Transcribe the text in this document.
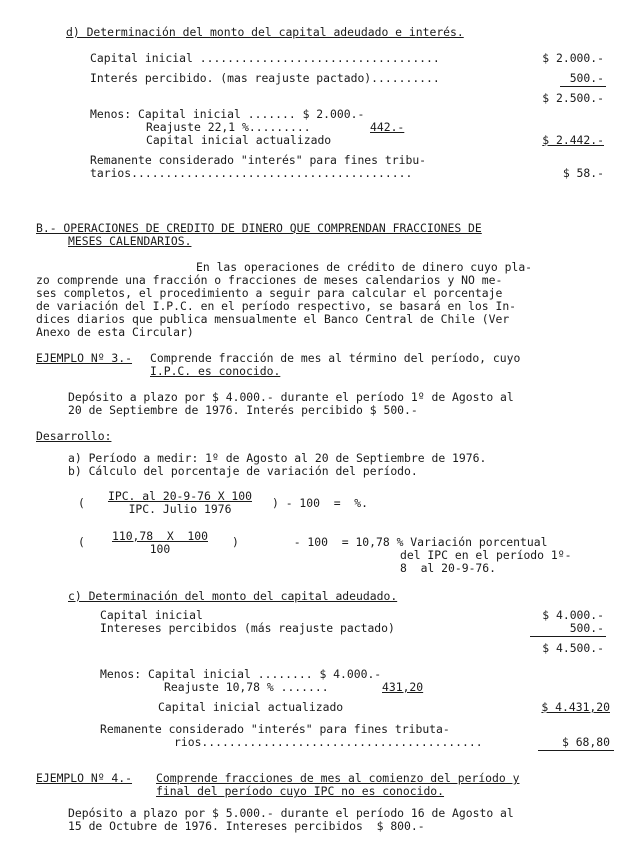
d) Determinación del monto del capital adeudado e interés.
Capital inicial ...................................	$ 2.000.-
Interés percibido. (mas reajuste pactado)..........	500.-
$ 2.500.-
Menos: Capital inicial ....... $ 2.000.-
Reajuste 22,1 %.........	442.-
Capital inicial actualizado	$ 2.442.-
Remanente considerado "interés" para fines tribu-
tarios.........................................	$ 58.-
B.- OPERACIONES DE CREDITO DE DINERO QUE COMPRENDAN FRACCIONES DE
MESES CALENDARIOS.
En las operaciones de crédito de dinero cuyo pla-
zo comprende una fracción o fracciones de meses calendarios y NO me-
ses completos, el procedimiento a seguir para calcular el porcentaje
de variación del I.P.C. en el período respectivo, se basará en los In-
dices diarios que publica mensualmente el Banco Central de Chile (Ver
Anexo de esta Circular)
EJEMPLO Nº 3.- Comprende fracción de mes al término del período, cuyo
I.P.C. es conocido.
Depósito a plazo por $ 4.000.- durante el período 1º de Agosto al
20 de Septiembre de 1976. Interés percibido $ 500.-
Desarrollo:
a) Período a medir: 1º de Agosto al 20 de Septiembre de 1976.
b) Cálculo del porcentaje de variación del período.
(	IPC. al 20-9-76 X 100
IPC. Julio 1976	) - 100  =  %.
(	110,78  X  100
100	)        - 100  = 10,78 % Variación porcentual
del IPC en el período 1º-
8  al 20-9-76.
c) Determinación del monto del capital adeudado.
Capital inicial	$ 4.000.-
Intereses percibidos (más reajuste pactado)	500.-
$ 4.500.-
Menos: Capital inicial ........ $ 4.000.-
Reajuste 10,78 % .......	431,20
Capital inicial actualizado	$ 4.431,20
Remanente considerado "interés" para fines tributa-
rios.........................................	$ 68,80
EJEMPLO Nº 4.- Comprende fracciones de mes al comienzo del período y
final del período cuyo IPC no es conocido.
Depósito a plazo por $ 5.000.- durante el período 16 de Agosto al
15 de Octubre de 1976. Intereses percibidos  $ 800.-
